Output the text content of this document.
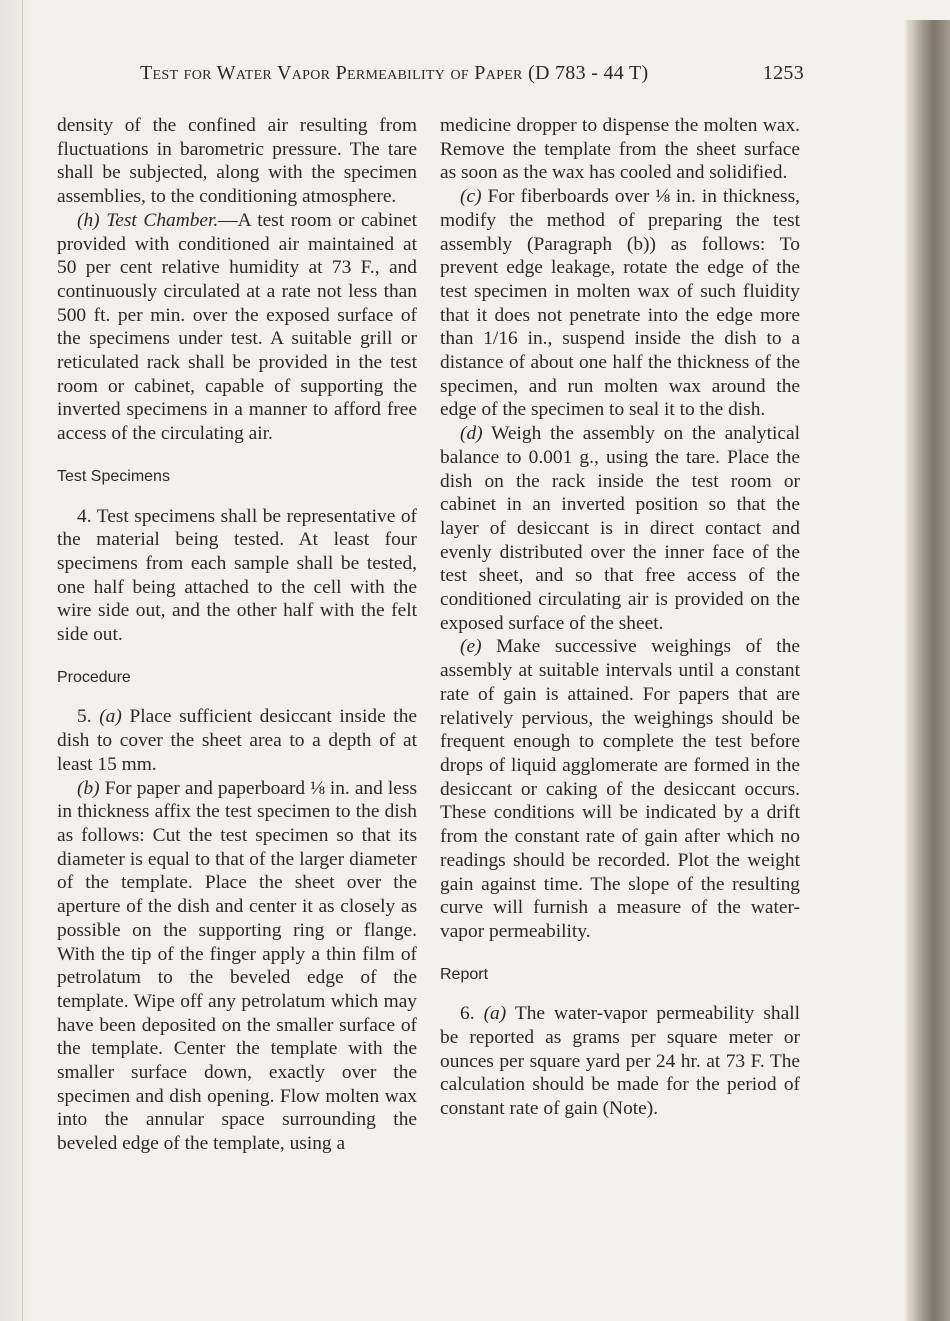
Test for Water Vapor Permeability of Paper (D 783 - 44 T)	1253

density of the confined air resulting from fluctuations in barometric pressure. The tare shall be subjected, along with the specimen assemblies, to the conditioning atmosphere.

(h) Test Chamber.—A test room or cabinet provided with conditioned air maintained at 50 per cent relative humidity at 73 F., and continuously circulated at a rate not less than 500 ft. per min. over the exposed surface of the specimens under test. A suitable grill or reticulated rack shall be provided in the test room or cabinet, capable of supporting the inverted specimens in a manner to afford free access of the circulating air.

Test Specimens

4. Test specimens shall be representative of the material being tested. At least four specimens from each sample shall be tested, one half being attached to the cell with the wire side out, and the other half with the felt side out.

Procedure

5. (a) Place sufficient desiccant inside the dish to cover the sheet area to a depth of at least 15 mm.

(b) For paper and paperboard ⅛ in. and less in thickness affix the test specimen to the dish as follows: Cut the test specimen so that its diameter is equal to that of the larger diameter of the template. Place the sheet over the aperture of the dish and center it as closely as possible on the supporting ring or flange. With the tip of the finger apply a thin film of petrolatum to the beveled edge of the template. Wipe off any petrolatum which may have been deposited on the smaller surface of the template. Center the template with the smaller surface down, exactly over the specimen and dish opening. Flow molten wax into the annular space surrounding the beveled edge of the template, using a

medicine dropper to dispense the molten wax. Remove the template from the sheet surface as soon as the wax has cooled and solidified.

(c) For fiberboards over ⅛ in. in thickness, modify the method of preparing the test assembly (Paragraph (b)) as follows: To prevent edge leakage, rotate the edge of the test specimen in molten wax of such fluidity that it does not penetrate into the edge more than 1/16 in., suspend inside the dish to a distance of about one half the thickness of the specimen, and run molten wax around the edge of the specimen to seal it to the dish.

(d) Weigh the assembly on the analytical balance to 0.001 g., using the tare. Place the dish on the rack inside the test room or cabinet in an inverted position so that the layer of desiccant is in direct contact and evenly distributed over the inner face of the test sheet, and so that free access of the conditioned circulating air is provided on the exposed surface of the sheet.

(e) Make successive weighings of the assembly at suitable intervals until a constant rate of gain is attained. For papers that are relatively pervious, the weighings should be frequent enough to complete the test before drops of liquid agglomerate are formed in the desiccant or caking of the desiccant occurs. These conditions will be indicated by a drift from the constant rate of gain after which no readings should be recorded. Plot the weight gain against time. The slope of the resulting curve will furnish a measure of the water-vapor permeability.

Report

6. (a) The water-vapor permeability shall be reported as grams per square meter or ounces per square yard per 24 hr. at 73 F. The calculation should be made for the period of constant rate of gain (Note).
